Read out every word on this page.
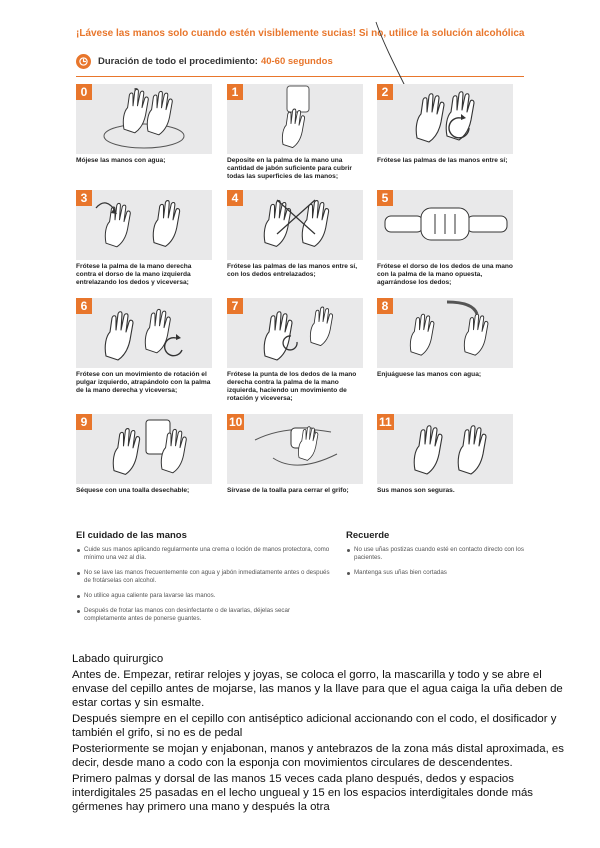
¡Lávese las manos solo cuando estén visiblemente sucias! Si no, utilice la solución alcohólica
Duración de todo el procedimiento: 40-60 segundos
0
Mójese las manos con agua;
1
Deposite en la palma de la mano una cantidad de jabón suficiente para cubrir todas las superficies de las manos;
2
Frótese las palmas de las manos entre sí;
3
Frótese la palma de la mano derecha contra el dorso de la mano izquierda entrelazando los dedos y viceversa;
4
Frótese las palmas de las manos entre sí, con los dedos entrelazados;
5
Frótese el dorso de los dedos de una mano con la palma de la mano opuesta, agarrándose los dedos;
6
Frótese con un movimiento de rotación el pulgar izquierdo, atrapándolo con la palma de la mano derecha y viceversa;
7
Frótese la punta de los dedos de la mano derecha contra la palma de la mano izquierda, haciendo un movimiento de rotación y viceversa;
8
Enjuáguese las manos con agua;
9
Séquese con una toalla desechable;
10
Sírvase de la toalla para cerrar el grifo;
11
Sus manos son seguras.
El cuidado de las manos
Cuide sus manos aplicando regularmente una crema o loción de manos protectora, como mínimo una vez al día.
No se lave las manos frecuentemente con agua y jabón inmediatamente antes o después de frotárselas con alcohol.
No utilice agua caliente para lavarse las manos.
Después de frotar las manos con desinfectante o de lavarlas, déjelas secar completamente antes de ponerse guantes.
Recuerde
No use uñas postizas cuando esté en contacto directo con los pacientes.
Mantenga sus uñas bien cortadas

Labado quirurgico

Antes de. Empezar, retirar relojes y joyas, se coloca el gorro, la mascarilla y todo y se abre el envase del cepillo antes de mojarse, las manos y la llave para que el agua caiga la uña deben de estar cortas y sin esmalte.

Después siempre en el cepillo con antiséptico adicional accionando con el codo, el dosificador y también el grifo, si no es de pedal

Posteriormente se mojan y enjabonan, manos y antebrazos de la zona más distal aproximada, es decir, desde mano a codo con la esponja con movimientos circulares de descendentes.

Primero palmas y dorsal de las manos 15 veces cada plano después, dedos y espacios interdigitales 25 pasadas en el lecho ungueal y 15 en los espacios interdigitales donde más gérmenes hay primero una mano y después la otra
